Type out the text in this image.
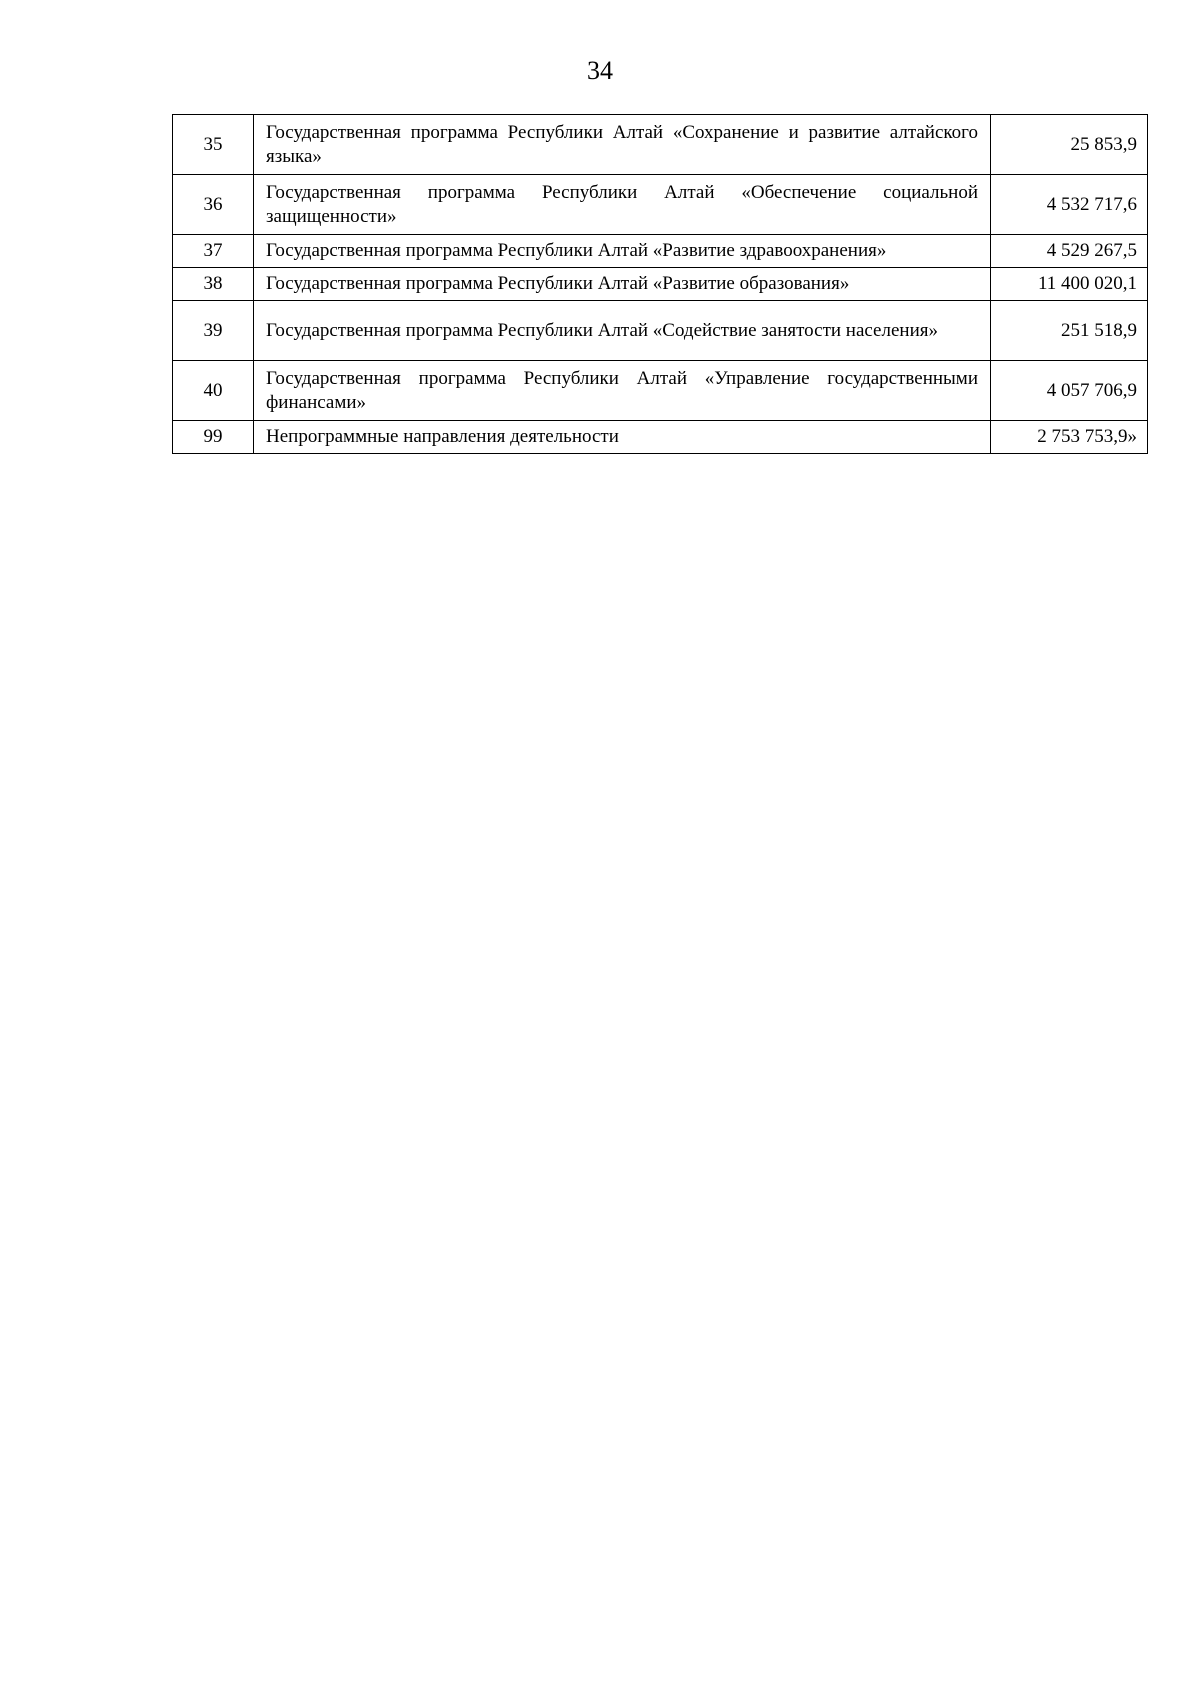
34
35	Государственная программа Республики Алтай «Сохранение и развитие алтайского языка»	25 853,9
36	Государственная программа Республики Алтай «Обеспечение социальной защищенности»	4 532 717,6
37	Государственная программа Республики Алтай «Развитие здравоохранения»	4 529 267,5
38	Государственная программа Республики Алтай «Развитие образования»	11 400 020,1
39	Государственная программа Республики Алтай «Содействие занятости населения»	251 518,9
40	Государственная программа Республики Алтай «Управление государственными финансами»	4 057 706,9
99	Непрограммные направления деятельности	2 753 753,9»
